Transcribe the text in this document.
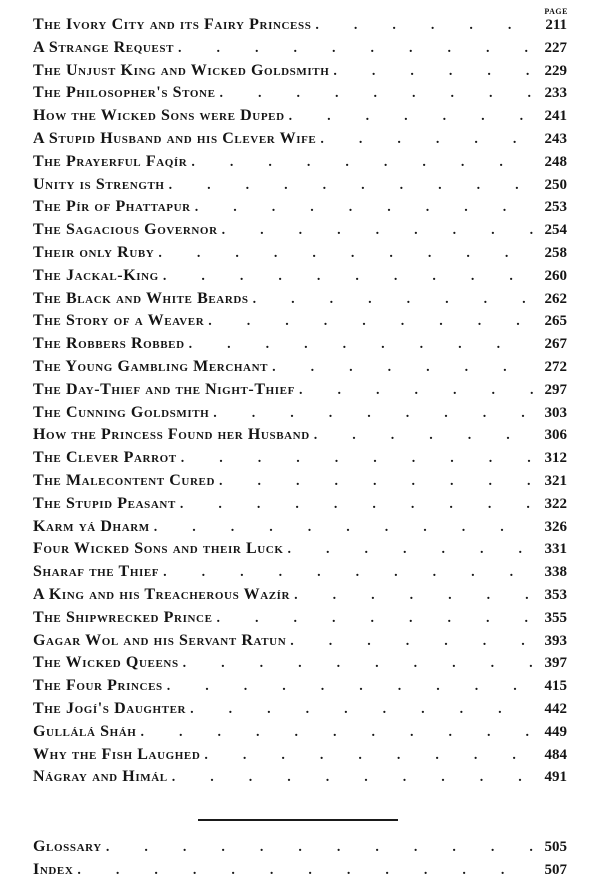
PAGE
The Ivory City and its Fairy Princess .	211
A Strange Request .	227
The Unjust King and Wicked Goldsmith .	229
The Philosopher's Stone .	233
How the Wicked Sons were Duped .	241
A Stupid Husband and his Clever Wife .	243
The Prayerful Faqír .	248
Unity is Strength .	250
The Pír of Phattapur .	253
The Sagacious Governor .	254
Their only Ruby .	258
The Jackal-King .	260
The Black and White Beards .	262
The Story of a Weaver .	265
The Robbers Robbed .	267
The Young Gambling Merchant .	272
The Day-Thief and the Night-Thief .	297
The Cunning Goldsmith .	303
How the Princess Found her Husband .	306
The Clever Parrot .	312
The Malecontent Cured .	321
The Stupid Peasant .	322
Karm yá Dharm .	326
Four Wicked Sons and their Luck .	331
Sharaf the Thief .	338
A King and his Treacherous Wazír .	353
The Shipwrecked Prince .	355
Gagar Wol and his Servant Ratun .	393
The Wicked Queens .	397
The Four Princes .	415
The Jogí's Daughter .	442
Gullálá Sháh .	449
Why the Fish Laughed .	484
Nágray and Himál .	491
Glossary .	505
Index .	507
